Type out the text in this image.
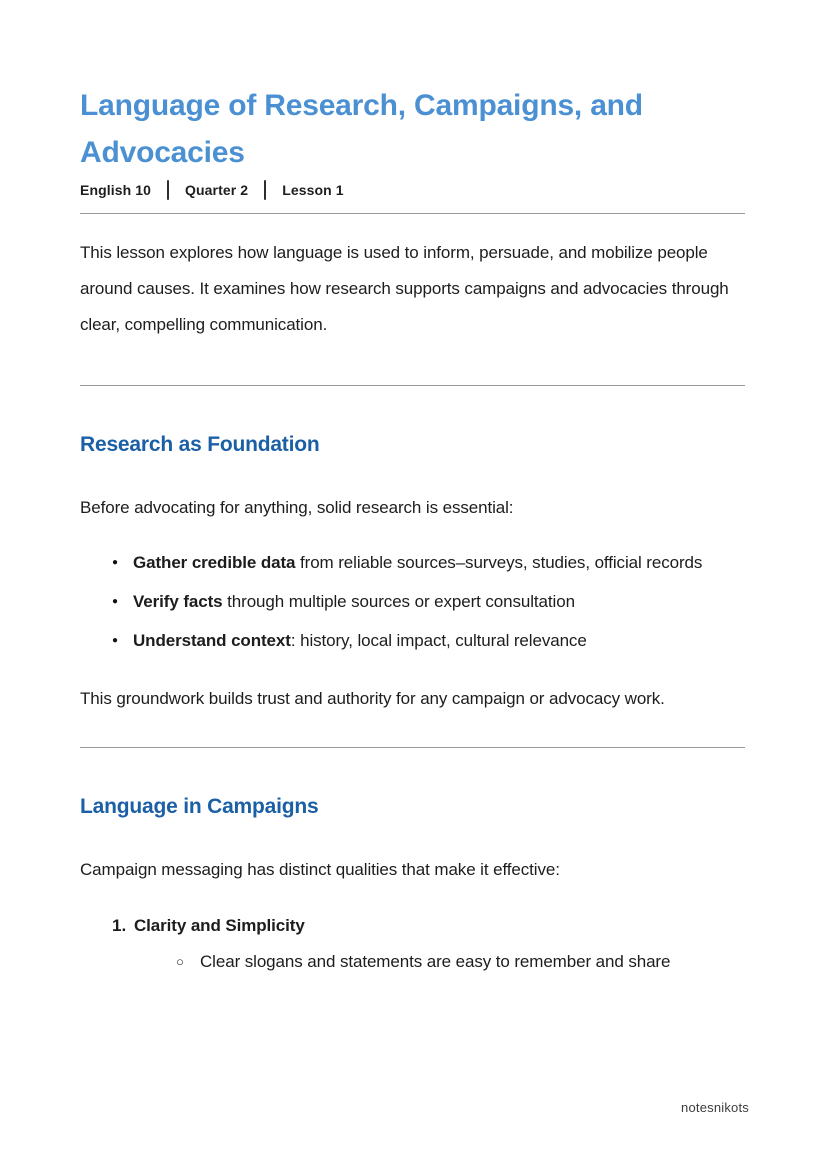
Language of Research, Campaigns, and Advocacies
English 10 Quarter 2 Lesson 1

This lesson explores how language is used to inform, persuade, and mobilize people around causes. It examines how research supports campaigns and advocacies through clear, compelling communication.

Research as Foundation

Before advocating for anything, solid research is essential:

● Gather credible data from reliable sources–surveys, studies, official records
● Verify facts through multiple sources or expert consultation
● Understand context: history, local impact, cultural relevance

This groundwork builds trust and authority for any campaign or advocacy work.

Language in Campaigns

Campaign messaging has distinct qualities that make it effective:

1. Clarity and Simplicity
○ Clear slogans and statements are easy to remember and share
notesnikots
